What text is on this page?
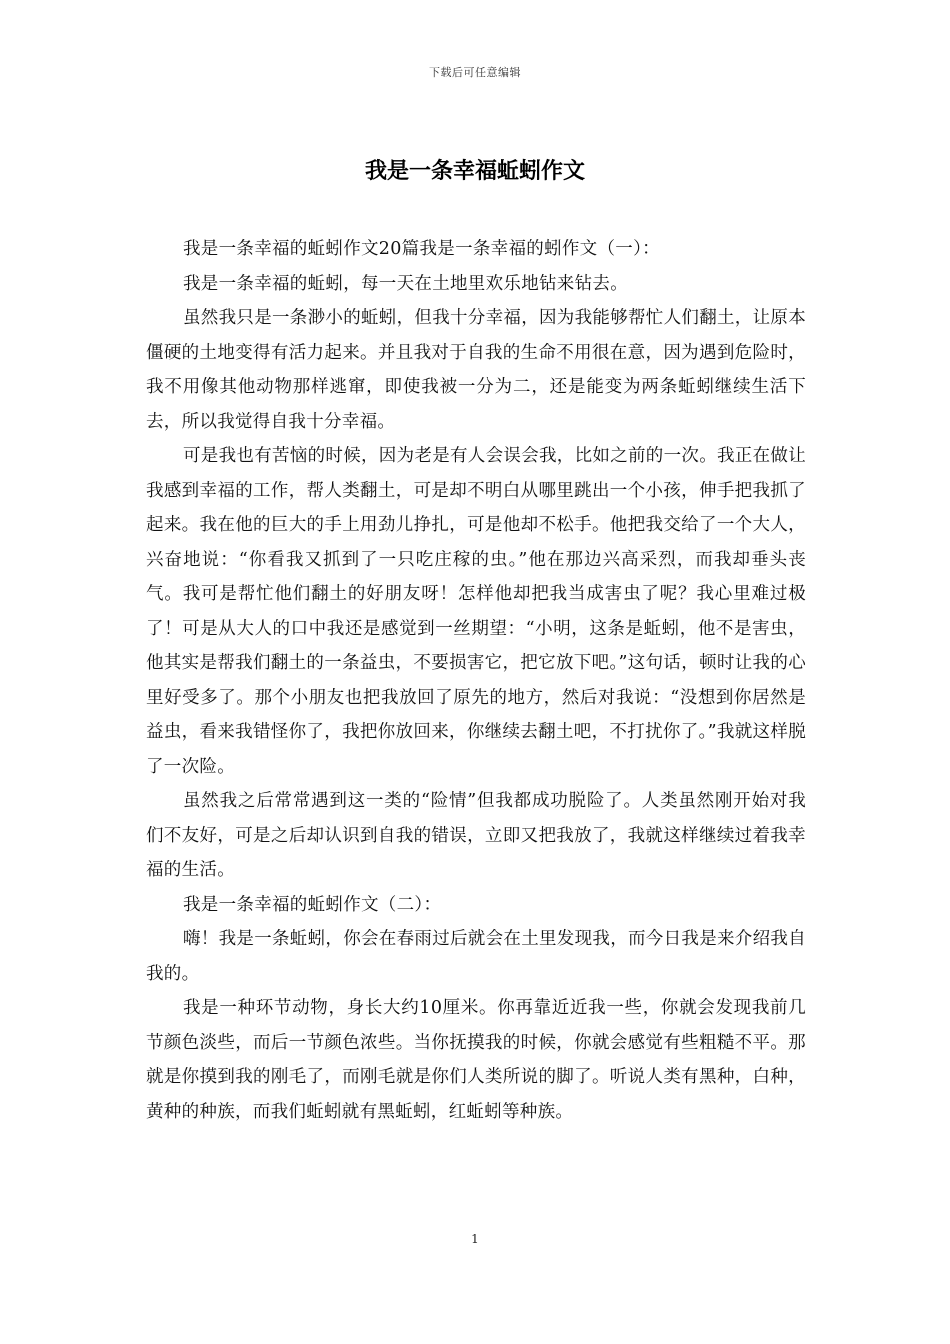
下载后可任意编辑
我是一条幸福蚯蚓作文

我是一条幸福的蚯蚓作文20篇我是一条幸福的蚓作文（一）：

我是一条幸福的蚯蚓，每一天在土地里欢乐地钻来钻去。

虽然我只是一条渺小的蚯蚓，但我十分幸福，因为我能够帮忙人们翻土，让原本僵硬的土地变得有活力起来。并且我对于自我的生命不用很在意，因为遇到危险时，我不用像其他动物那样逃窜，即使我被一分为二，还是能变为两条蚯蚓继续生活下去，所以我觉得自我十分幸福。

可是我也有苦恼的时候，因为老是有人会误会我，比如之前的一次。我正在做让我感到幸福的工作，帮人类翻土，可是却不明白从哪里跳出一个小孩，伸手把我抓了起来。我在他的巨大的手上用劲儿挣扎，可是他却不松手。他把我交给了一个大人，兴奋地说：“你看我又抓到了一只吃庄稼的虫。”他在那边兴高采烈，而我却垂头丧气。我可是帮忙他们翻土的好朋友呀！怎样他却把我当成害虫了呢？我心里难过极了！可是从大人的口中我还是感觉到一丝期望：“小明，这条是蚯蚓，他不是害虫，他其实是帮我们翻土的一条益虫，不要损害它，把它放下吧。”这句话，顿时让我的心里好受多了。那个小朋友也把我放回了原先的地方，然后对我说：“没想到你居然是益虫，看来我错怪你了，我把你放回来，你继续去翻土吧，不打扰你了。”我就这样脱了一次险。

虽然我之后常常遇到这一类的“险情”但我都成功脱险了。人类虽然刚开始对我们不友好，可是之后却认识到自我的错误，立即又把我放了，我就这样继续过着我幸福的生活。

我是一条幸福的蚯蚓作文（二）：

嗨！我是一条蚯蚓，你会在春雨过后就会在土里发现我，而今日我是来介绍我自我的。

我是一种环节动物，身长大约10厘米。你再靠近近我一些，你就会发现我前几节颜色淡些，而后一节颜色浓些。当你抚摸我的时候，你就会感觉有些粗糙不平。那就是你摸到我的刚毛了，而刚毛就是你们人类所说的脚了。听说人类有黑种，白种，黄种的种族，而我们蚯蚓就有黑蚯蚓，红蚯蚓等种族。

1
